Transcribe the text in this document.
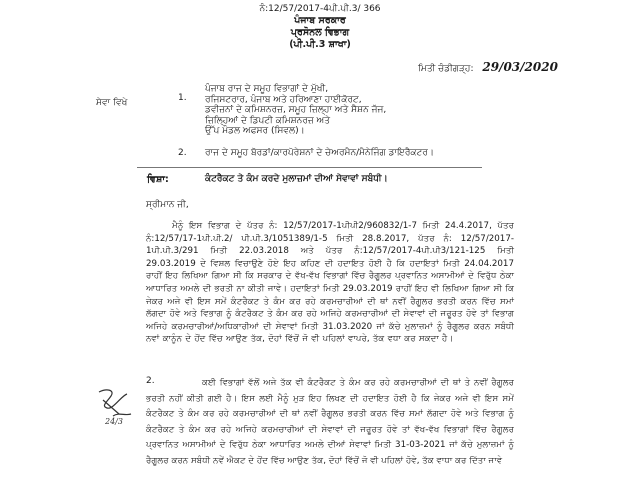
ਨੰ:12/57/2017-4ਪੀ.ਪੀ.3/ 366
ਪੰਜਾਬ ਸਰਕਾਰ
ਪ੍ਰਸੋਨਲ ਵਿਭਾਗ
(ਪੀ.ਪੀ.3 ਸ਼ਾਖਾ)
ਮਿਤੀ ਚੰਡੀਗੜ੍ਹ: 29/03/2020
ਸੇਵਾ ਵਿਖੇ	1.
ਪੰਜਾਬ ਰਾਜ ਦੇ ਸਮੂਹ ਵਿਭਾਗਾਂ ਦੇ ਮੁੱਖੀ,
ਰਜਿਸਟਰਾਰ, ਪੰਜਾਬ ਅਤੇ ਹਰਿਆਣਾ ਹਾਈਕੋਰਟ,
ਡਵੀਜ਼ਨਾਂ ਦੇ ਕਮਿਸ਼ਨਰਜ਼, ਸਮੂਹ ਜ਼ਿਲ੍ਹਾ ਅਤੇ ਸੈਸ਼ਨ ਜੱਜ,
ਜ਼ਿਲ੍ਹਿਆਂ ਦੇ ਡਿਪਟੀ ਕਮਿਸ਼ਨਰਜ਼ ਅਤੇ
ਉੱਪ ਮੰਡਲ ਅਫਸਰ (ਸਿਵਲ)।
2. ਰਾਜ ਦੇ ਸਮੂਹ ਬੋਰਡਾਂ/ਕਾਰਪੋਰੇਸ਼ਨਾਂ ਦੇ ਚੇਅਰਮੈਨ/ਮੈਨੇਜਿੰਗ ਡਾਇਰੈਕਟਰ।
ਵਿਸ਼ਾ:	ਕੰਟਰੈਕਟ ਤੇ ਕੰਮ ਕਰਦੇ ਮੁਲਾਜ਼ਮਾਂ ਦੀਆਂ ਸੇਵਾਵਾਂ ਸਬੰਧੀ।
ਸ੍ਰੀਮਾਨ ਜੀ,
ਮੈਨੂੰ ਇਸ ਵਿਭਾਗ ਦੇ ਪੱਤਰ ਨੰ: 12/57/2017-1ਪੀਪੀ2/960832/1-7 ਮਿਤੀ 24.4.2017, ਪੱਤਰ ਨੰ:12/57/17-1ਪੀ.ਪੀ.2/ ਪੀ.ਪੀ.3/1051389/1-5 ਮਿਤੀ 28.8.2017, ਪੱਤਰ ਨੰ: 12/57/2017-1ਪੀ.ਪੀ.3/291 ਮਿਤੀ 22.03.2018 ਅਤੇ ਪੱਤਰ ਨੰ:12/57/2017-4ਪੀ.ਪੀ3/121-125 ਮਿਤੀ 29.03.2019 ਦੇ ਵਿਸ਼ਲ ਵਿਚਾਉਣੇ ਹੋਏ ਇਹ ਕਹਿਣ ਦੀ ਹਦਾਇਤ ਹੋਈ ਹੈ ਕਿ ਹਦਾਇਤਾਂ ਮਿਤੀ 24.04.2017 ਰਾਹੀਂ ਇਹ ਲਿਖਿਆ ਗਿਆ ਸੀ ਕਿ ਸਰਕਾਰ ਦੇ ਵੱਖ-ਵੱਖ ਵਿਭਾਗਾਂ ਵਿੱਚ ਰੈਗੂਲਰ ਪ੍ਰਵਾਨਿਤ ਅਸਾਮੀਆਂ ਦੇ ਵਿਰੁੱਧ ਠੇਕਾ ਆਧਾਰਿਤ ਅਮਲੇ ਦੀ ਭਰਤੀ ਨਾ ਕੀਤੀ ਜਾਵੇ। ਹਦਾਇਤਾਂ ਮਿਤੀ 29.03.2019 ਰਾਹੀਂ ਇਹ ਵੀ ਲਿਖਿਆ ਗਿਆ ਸੀ ਕਿ ਜੇਕਰ ਅਜੇ ਵੀ ਇਸ ਸਮੇਂ ਕੰਟਰੈਕਟ ਤੇ ਕੰਮ ਕਰ ਰਹੇ ਕਰਮਚਾਰੀਆਂ ਦੀ ਥਾਂ ਨਵੀਂ ਰੈਗੂਲਰ ਭਰਤੀ ਕਰਨ ਵਿੱਚ ਸਮਾਂ ਲੱਗਦਾ ਹੋਵੇ ਅਤੇ ਵਿਭਾਗ ਨੂੰ ਕੰਟਰੈਕਟ ਤੇ ਕੰਮ ਕਰ ਰਹੇ ਅਜਿਹੇ ਕਰਮਚਾਰੀਆਂ ਦੀ ਸੇਵਾਵਾਂ ਦੀ ਜਰੂਰਤ ਹੋਵੇ ਤਾਂ ਵਿਭਾਗ ਅਜਿਹੇ ਕਰਮਚਾਰੀਆਂ/ਅਧਿਕਾਰੀਆਂ ਦੀ ਸੇਵਾਵਾਂ ਮਿਤੀ 31.03.2020 ਜਾਂ ਕੱਚੇ ਮੁਲਾਜ਼ਮਾਂ ਨੂੰ ਰੈਗੂਲਰ ਕਰਨ ਸਬੰਧੀ ਨਵਾਂ ਕਾਨੂੰਨ ਦੇ ਹੋਂਦ ਵਿੱਚ ਆਉਣ ਤੱਕ, ਦੋਹਾਂ ਵਿੱਚੋਂ ਜੋ ਵੀ ਪਹਿਲਾਂ ਵਾਪਰੇ, ਤੱਕ ਵਧਾ ਕਰ ਸਕਦਾ ਹੈ।
2.	ਕਈ ਵਿਭਾਗਾਂ ਵੱਲੋਂ ਅਜੇ ਤੱਕ ਵੀ ਕੰਟਰੈਕਟ ਤੇ ਕੰਮ ਕਰ ਰਹੇ ਕਰਮਚਾਰੀਆਂ ਦੀ ਥਾਂ ਤੇ ਨਵੀਂ ਰੈਗੂਲਰ ਭਰਤੀ ਨਹੀਂ ਕੀਤੀ ਗਈ ਹੈ। ਇਸ ਲਈ ਮੈਨੂੰ ਮੁੜ ਇਹ ਲਿਖਣ ਦੀ ਹਦਾਇਤ ਹੋਈ ਹੈ ਕਿ ਜੇਕਰ ਅਜੇ ਵੀ ਇਸ ਸਮੇਂ ਕੰਟਰੈਕਟ ਤੇ ਕੰਮ ਕਰ ਰਹੇ ਕਰਮਚਾਰੀਆਂ ਦੀ ਥਾਂ ਨਵੀਂ ਰੈਗੂਲਰ ਭਰਤੀ ਕਰਨ ਵਿੱਚ ਸਮਾਂ ਲੱਗਦਾ ਹੋਵੇ ਅਤੇ ਵਿਭਾਗ ਨੂੰ ਕੰਟਰੈਕਟ ਤੇ ਕੰਮ ਕਰ ਰਹੇ ਅਜਿਹੇ ਕਰਮਚਾਰੀਆਂ ਦੀ ਸੇਵਾਵਾਂ ਦੀ ਜਰੂਰਤ ਹੋਵੇ ਤਾਂ ਵੱਖ-ਵੱਖ ਵਿਭਾਗਾਂ ਵਿੱਚ ਰੈਗੂਲਰ ਪ੍ਰਵਾਨਿਤ ਅਸਾਮੀਆਂ ਦੇ ਵਿਰੁੱਧ ਠੇਕਾ ਆਧਾਰਿਤ ਅਮਲੇ ਦੀਆਂ ਸੇਵਾਵਾਂ ਮਿਤੀ 31-03-2021 ਜਾਂ ਕੱਚੇ ਮੁਲਾਜ਼ਮਾਂ ਨੂੰ ਰੈਗੂਲਰ ਕਰਨ ਸਬੰਧੀ ਨਵੇਂ ਐਕਟ ਦੇ ਹੋਂਦ ਵਿੱਚ ਆਉਣ ਤੱਕ, ਦੋਹਾਂ ਵਿੱਚੋਂ ਜੋ ਵੀ ਪਹਿਲਾਂ ਹੋਵੇ, ਤੱਕ ਵਾਧਾ ਕਰ ਦਿੱਤਾ ਜਾਵੇ
24/3
